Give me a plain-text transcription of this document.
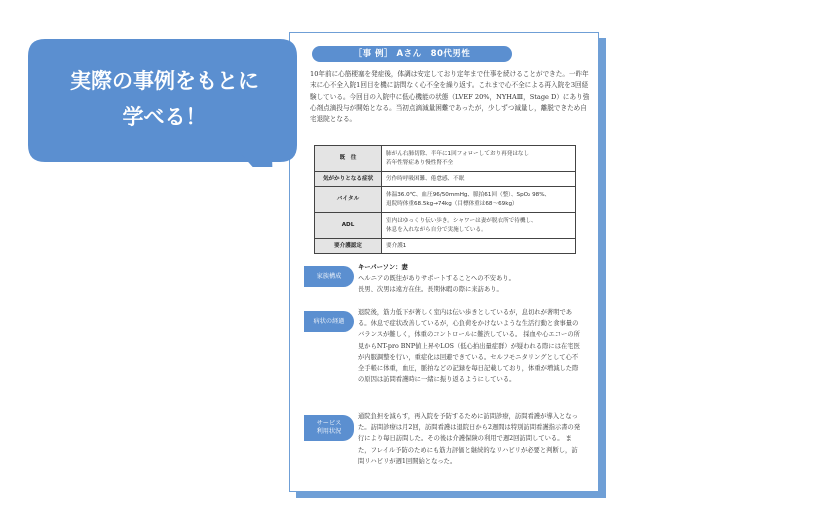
［事 例］ Aさん　80代男性
10年前に心筋梗塞を発症後，体調は安定しており定年まで仕事を続けることができた。一昨年末に心不全入院1回目を機に訪問なく心不全を繰り返す。これまで心不全による再入院を3回経験している。今回目の入院中に低心機能の状態（LVEF 20%，NYHAⅢ，Stage D）にあり強心剤点滴投与が開始となる。当初点滴減量困難であったが，少しずつ減量し，離脱できため自宅退院となる。
既　往	肺がん右肺切除、半年に1回フォローしており再発はなし
若年性腎症あり慢性腎不全
気がかりとなる症状	労作時呼吸困難、倦怠感、不眠
バイタル	体温36.0℃、血圧96/50mmHg、脈拍61回（整）、SpO₂ 98%、
退院時体重68.5kg→74kg（目標体重は68～69kg）
ADL	室内はゆっくり伝い歩き。シャワーは妻が脱衣所で待機し、
休息を入れながら自分で実施している。
要介護認定	要介護1
家族構成
キーパーソン：妻
ヘルニアの既往がありサポートすることへの不安あり。
長男、次男は遠方在住。長期休暇の際に来訪あり。
病状の経過
退院後，筋力低下が著しく室内は伝い歩きとしているが，息切れが著明である。休息で症状改善しているが，心負荷をかけないような生活行動と食事量のバランスが難しく，体重のコントロールに難渋している。 採血や心エコーの所見からNT-pro BNP値上昇やLOS（低心拍出量症群）が疑われる際には在宅医が内服調整を行い，重症化は回避できている。セルフモニタリングとして心不全手帳に体重，血圧，脈拍などの記録を毎日記載しており，体重が増減した際の原因は訪問看護時に一緒に振り返るようにしている。
サービス
利用状況
通院負担を減らす，再入院を予防するために訪問診療，訪問看護が導入となった。訪問診療は月2回，訪問看護は退院日から2週間は特別訪問看護指示書の発行により毎日訪問した。その後は介護保険の利用で週2回訪問している。 また，フレイル予防のためにも筋力評価と継続的なリハビリが必要と判断し，訪問リハビリが週1回開始となった。
実際の事例をもとに
学べる！
